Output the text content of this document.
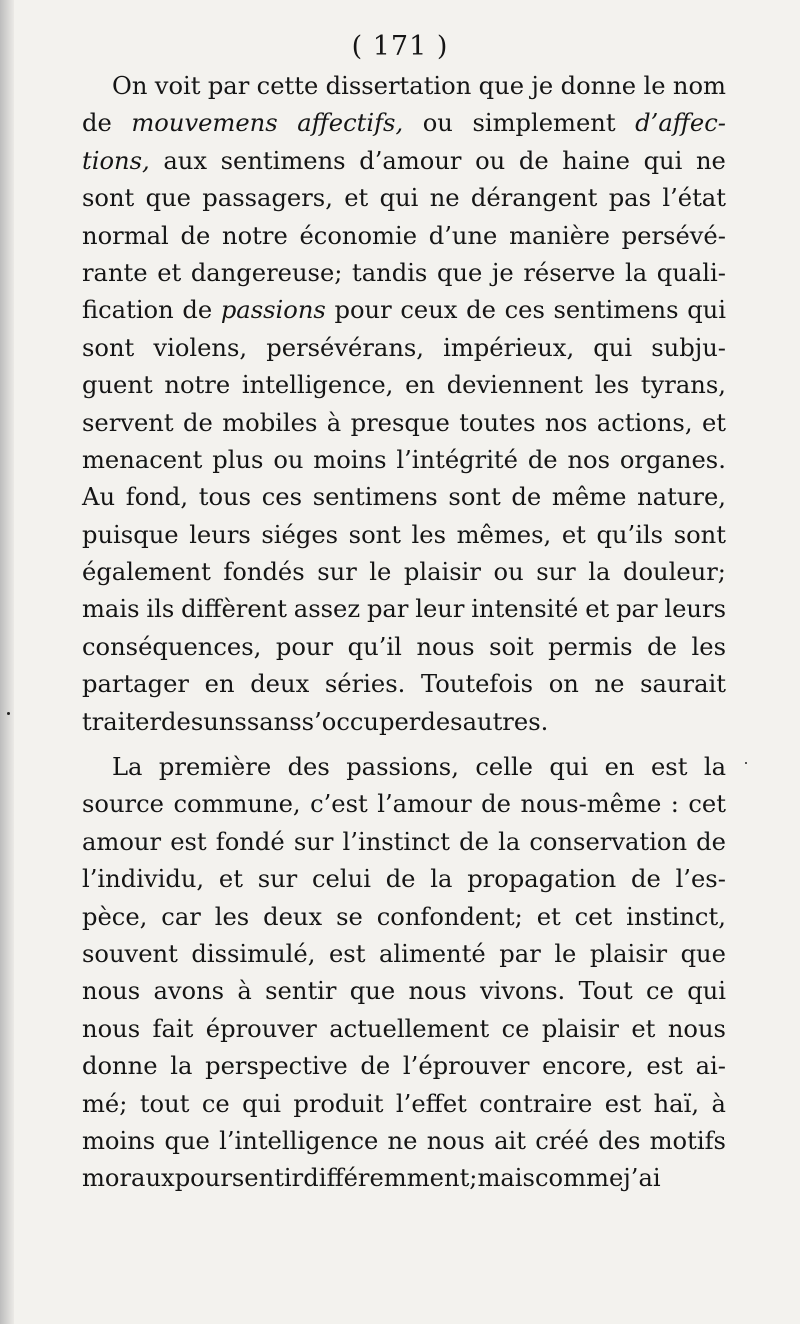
( 171 )
On voit par cette dissertation que je donne le nom
de mouvemens affectifs, ou simplement d’affec-
tions, aux sentimens d’amour ou de haine qui ne
sont que passagers, et qui ne dérangent pas l’état
normal de notre économie d’une manière persévé-
rante et dangereuse; tandis que je réserve la quali-
fication de passions pour ceux de ces sentimens qui
sont violens, persévérans, impérieux, qui subju-
guent notre intelligence, en deviennent les tyrans,
servent de mobiles à presque toutes nos actions, et
menacent plus ou moins l’intégrité de nos organes.
Au fond, tous ces sentimens sont de même nature,
puisque leurs siéges sont les mêmes, et qu’ils sont
également fondés sur le plaisir ou sur la douleur;
mais ils diffèrent assez par leur intensité et par leurs
conséquences, pour qu’il nous soit permis de les
partager en deux séries. Toutefois on ne saurait
traiter des uns sans s’occuper des autres.
La première des passions, celle qui en est la
source commune, c’est l’amour de nous-même : cet
amour est fondé sur l’instinct de la conservation de
l’individu, et sur celui de la propagation de l’es-
pèce, car les deux se confondent; et cet instinct,
souvent dissimulé, est alimenté par le plaisir que
nous avons à sentir que nous vivons. Tout ce qui
nous fait éprouver actuellement ce plaisir et nous
donne la perspective de l’éprouver encore, est ai-
mé; tout ce qui produit l’effet contraire est haï, à
moins que l’intelligence ne nous ait créé des motifs
moraux pour sentir différemment; mais comme j’ai
